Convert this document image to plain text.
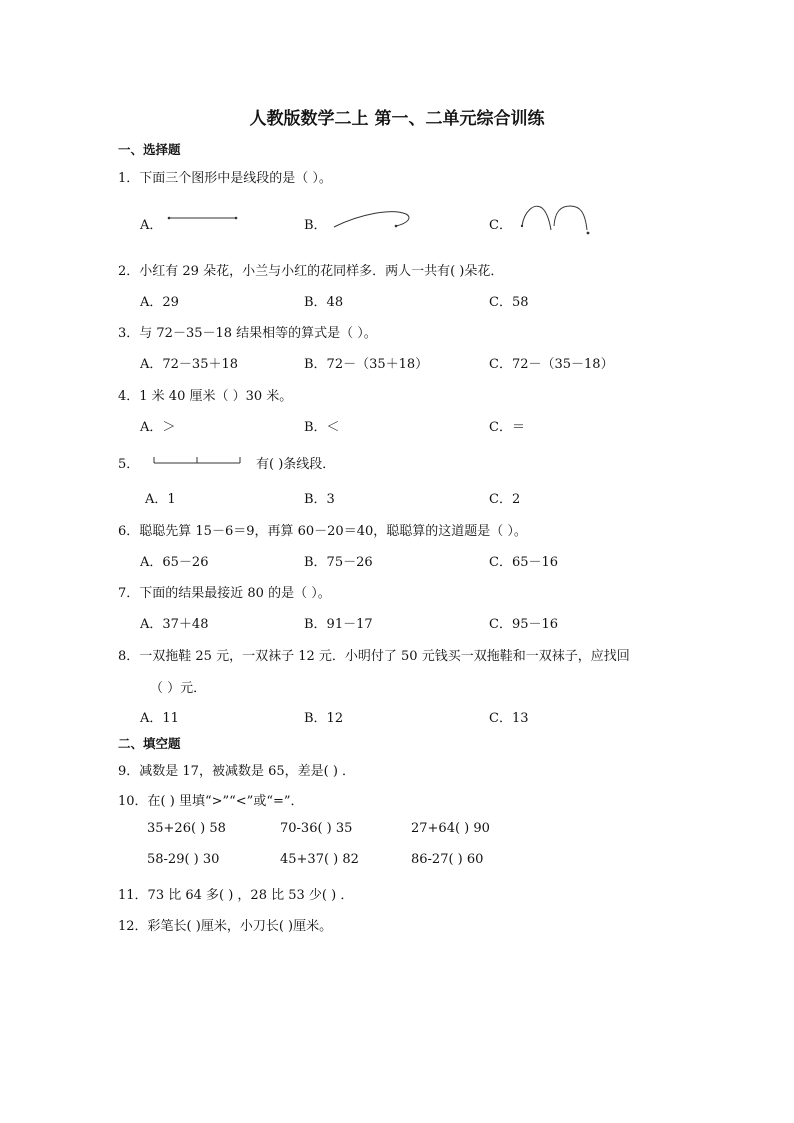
人教版数学二上 第一、二单元综合训练
一、选择题
1．下面三个图形中是线段的是（ ）。
A．	B．	C．
2．小红有 29 朵花，小兰与小红的花同样多．两人一共有( )朵花．
A．29	B．48	C．58
3．与 72－35－18 结果相等的算式是（ ）。
A．72－35＋18	B．72－（35＋18）	C．72－（35－18）
4．1 米 40 厘米（ ）30 米。
A．＞	B．＜	C．＝
5．	有( )条线段．
A．1	B．3	C．2
6．聪聪先算 15－6＝9，再算 60－20＝40，聪聪算的这道题是（ ）。
A．65－26	B．75－26	C．65－16
7．下面的结果最接近 80 的是（ ）。
A．37＋48	B．91－17	C．95－16
8．一双拖鞋 25 元，一双袜子 12 元．小明付了 50 元钱买一双拖鞋和一双袜子，应找回
（ ）元．
A．11	B．12	C．13
二、填空题
9．减数是 17，被减数是 65，差是( ) ．
10．在( ) 里填“>”“<”或“=”．
35+26( ) 58	70-36( ) 35	27+64( ) 90
58-29( ) 30	45+37( ) 82	86-27( ) 60
11．73 比 64 多( ) ，28 比 53 少( ) ．
12．彩笔长( )厘米，小刀长( )厘米。
